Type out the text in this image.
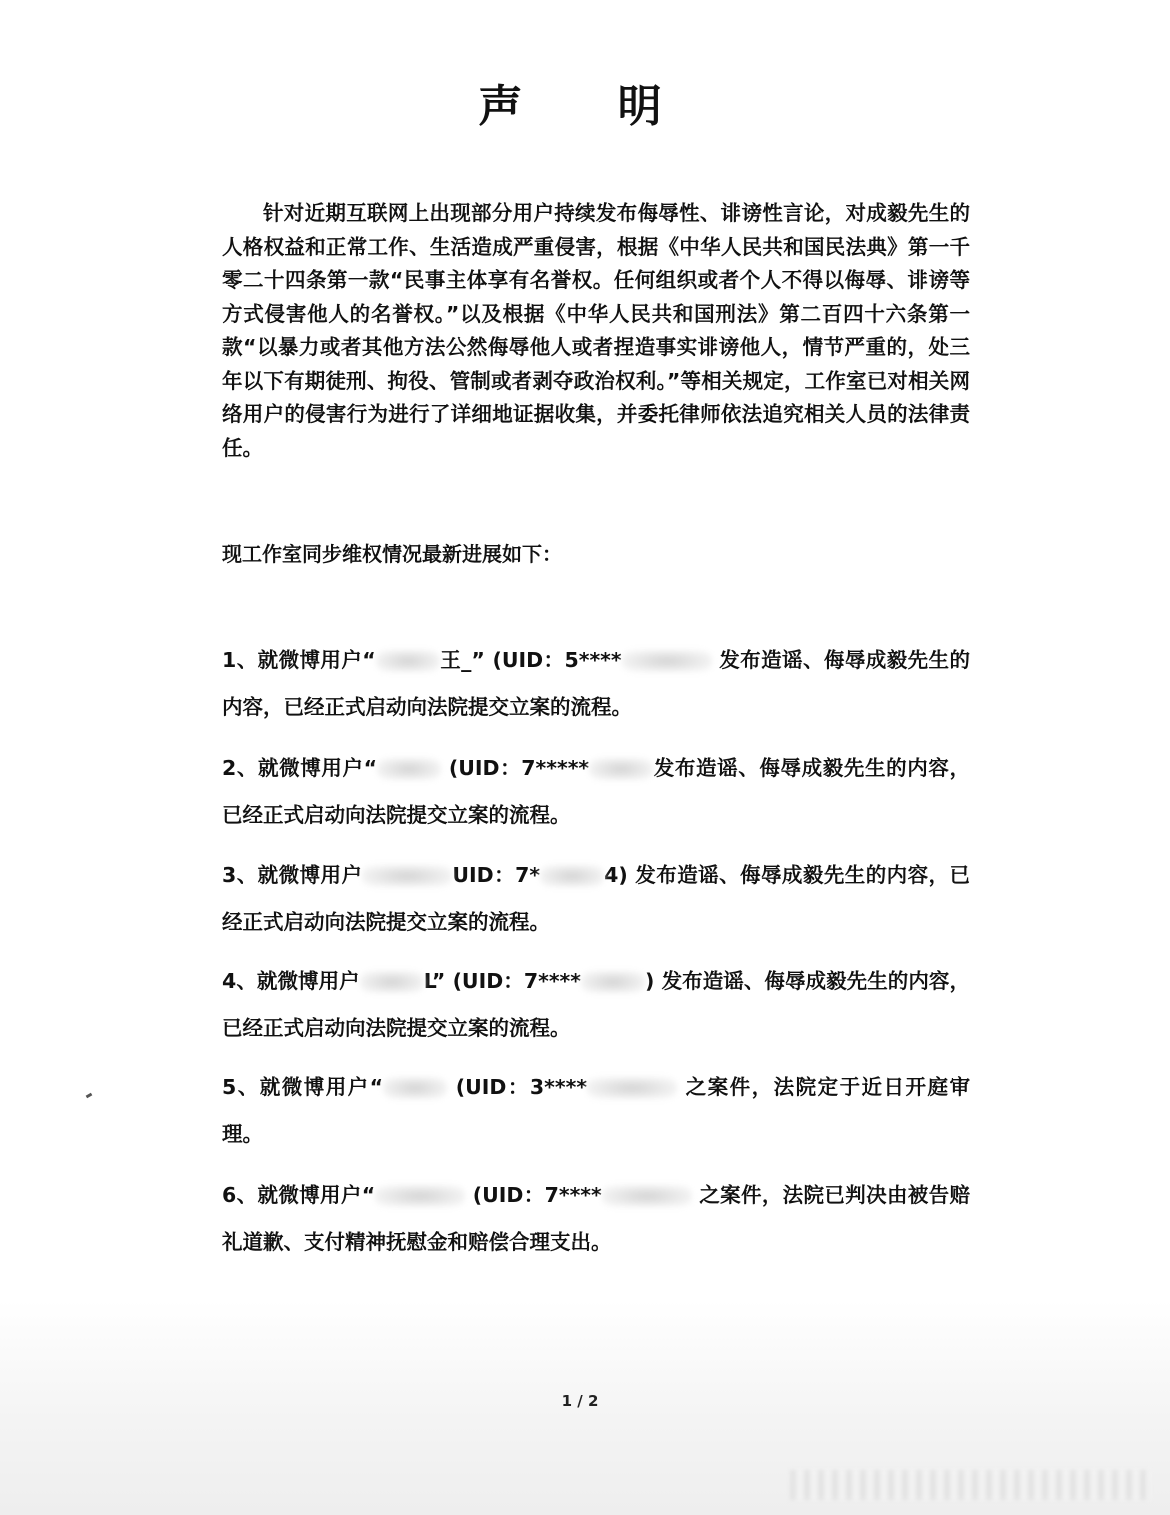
声 明

针对近期互联网上出现部分用户持续发布侮辱性、诽谤性言论，对成毅先生的人格权益和正常工作、生活造成严重侵害，根据《中华人民共和国民法典》第一千零二十四条第一款“民事主体享有名誉权。任何组织或者个人不得以侮辱、诽谤等方式侵害他人的名誉权。”以及根据《中华人民共和国刑法》第二百四十六条第一款“以暴力或者其他方法公然侮辱他人或者捏造事实诽谤他人，情节严重的，处三年以下有期徒刑、拘役、管制或者剥夺政治权利。”等相关规定，工作室已对相关网络用户的侵害行为进行了详细地证据收集，并委托律师依法追究相关人员的法律责任。

现工作室同步维权情况最新进展如下：

1、就微博用户“	王_” (UID：5****	发布造谣、侮辱成毅先生的内容，已经正式启动向法院提交立案的流程。

2、就微博用户“	(UID：7*****	发布造谣、侮辱成毅先生的内容，已经正式启动向法院提交立案的流程。

3、就微博用户	UID：7*	4) 发布造谣、侮辱成毅先生的内容，已经正式启动向法院提交立案的流程。

4、就微博用户	L” (UID：7****	) 发布造谣、侮辱成毅先生的内容，已经正式启动向法院提交立案的流程。

5、就微博用户“	(UID：3****	之案件，法院定于近日开庭审理。

6、就微博用户“	(UID：7****	之案件，法院已判决由被告赔礼道歉、支付精神抚慰金和赔偿合理支出。

1 / 2
